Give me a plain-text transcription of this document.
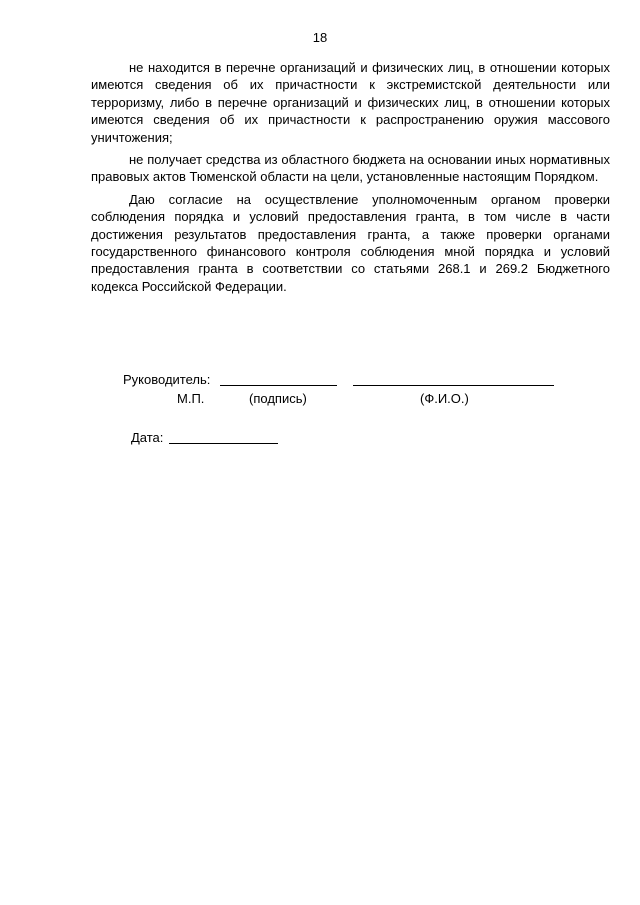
18

не находится в перечне организаций и физических лиц, в отношении которых имеются сведения об их причастности к экстремистской деятельности или терроризму, либо в перечне организаций и физических лиц, в отношении которых имеются сведения об их причастности к распространению оружия массового уничтожения;

не получает средства из областного бюджета на основании иных нормативных правовых актов Тюменской области на цели, установленные настоящим Порядком.

Даю согласие на осуществление уполномоченным органом проверки соблюдения порядка и условий предоставления гранта, в том числе в части достижения результатов предоставления гранта, а также проверки органами государственного финансового контроля соблюдения мной порядка и условий предоставления гранта в соответствии со статьями 268.1 и 269.2 Бюджетного кодекса Российской Федерации.

Руководитель:
М.П.	(подпись)	(Ф.И.О.)
Дата:
